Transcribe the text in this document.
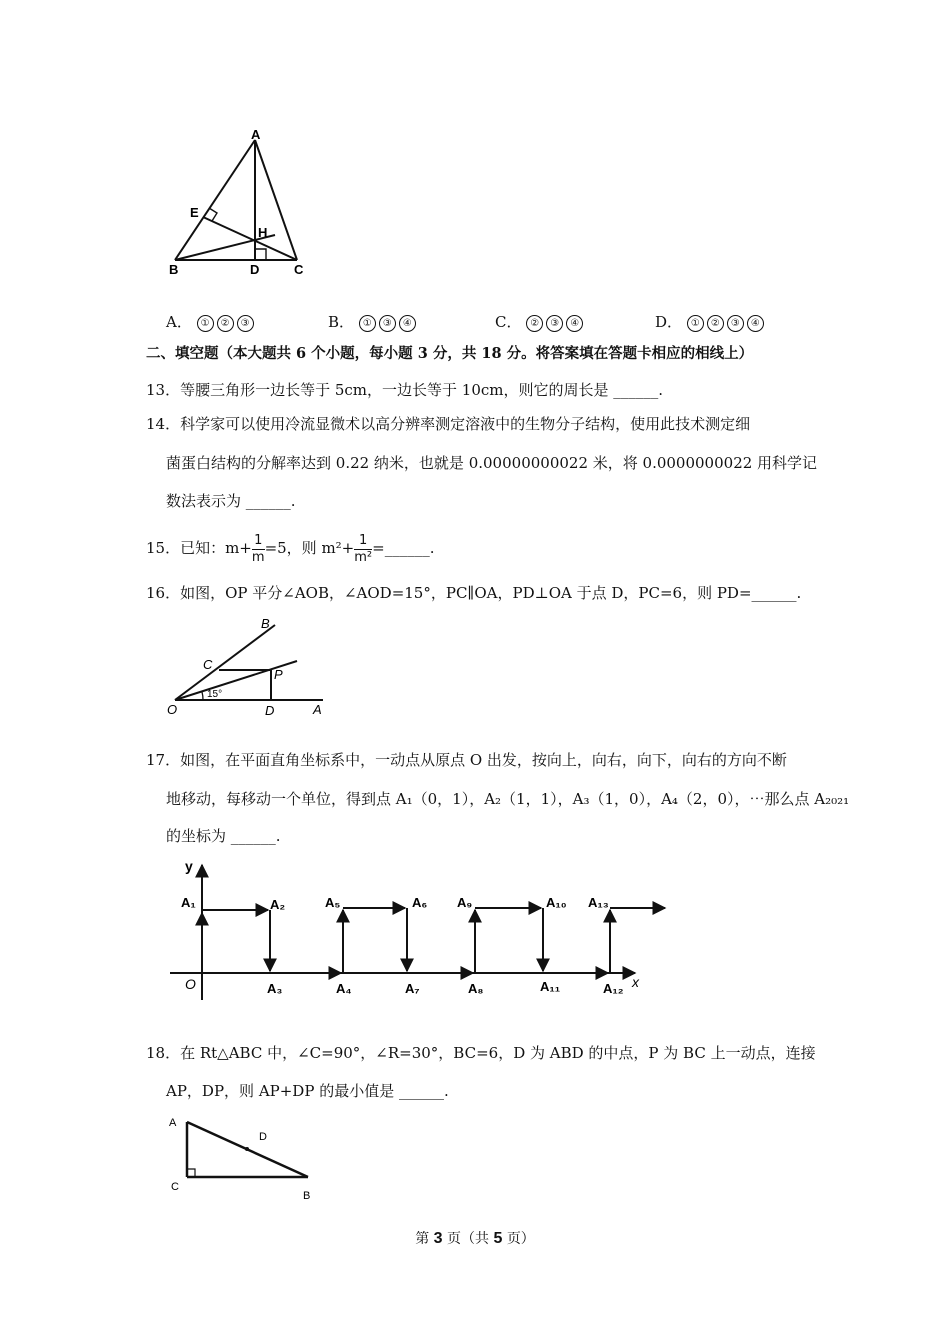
A
B	C
D
E
H
A． ① ② ③	B． ① ③ ④	C． ② ③ ④	D． ① ② ③ ④
二、填空题（本大题共 6 个小题，每小题 3 分，共 18 分。将答案填在答题卡相应的相线上）
13．等腰三角形一边长等于 5cm，一边长等于 10cm，则它的周长是 ______.
14．科学家可以使用冷流显微术以高分辨率测定溶液中的生物分子结构，使用此技术测定细
菌蛋白结构的分解率达到 0.22 纳米，也就是 0.00000000022 米，将 0.0000000022 用科学记
数法表示为 ______.
15．已知：$m+ \frac{1}{m} =5$，则 $m^2+ \frac{1}{\text{m²}}$ =______.
16．如图，OP 平分∠AOB，∠AOD=15°，PC∥OA，PD⊥OA 于点 D，PC=6，则 PD=______.
O	A
B
C
P
D
15°
17．如图，在平面直角坐标系中，一动点从原点 O 出发，按向上，向右，向下，向右的方向不断
地移动，每移动一个单位，得到点 A₁（0，1），A₂（1，1），A₃（1，0），A₄（2，0），⋯那么点 A₂₀₂₁
的坐标为 ______.
y
x
O
A₁	A₂	A₅	A₆ A₉	A₁₀ A₁₃
A₃	A₄	A₇	A₈	A₁₁	A₁₂
18．在 Rt△ABC 中，∠C=90°，∠R=30°，BC=6，D 为 ABD 的中点，P 为 BC 上一动点，连接
AP，DP，则 AP+DP 的最小值是 ______.
A
C
B
D
第 3 页（共 5 页）
